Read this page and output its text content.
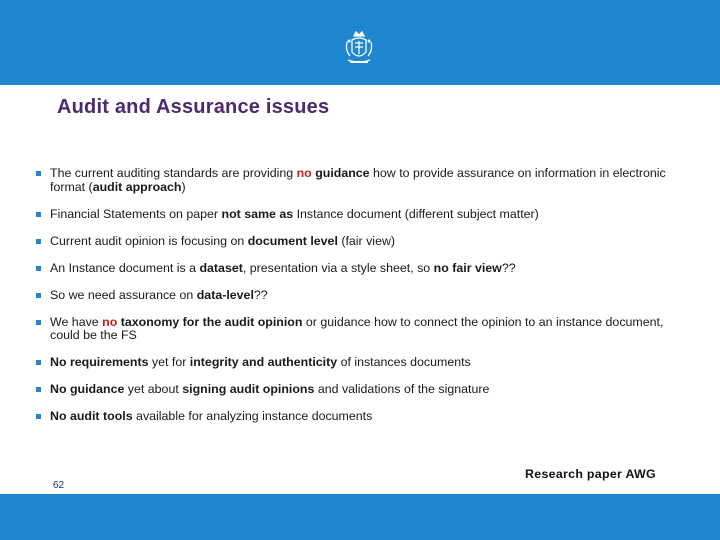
Audit and Assurance issues
The current auditing standards are providing no guidance how to provide assurance on information in electronic format (audit approach)
Financial Statements on paper not same as Instance document (different subject matter)
Current audit opinion is focusing on document level (fair view)
An Instance document is a dataset, presentation via a style sheet, so no fair view??
So we need assurance on data-level??
We have no taxonomy for the audit opinion or guidance how to connect the opinion to an instance document, could be the FS
No requirements yet for integrity and authenticity of instances documents
No guidance yet about signing audit opinions and validations of the signature
No audit tools available for analyzing instance documents
Research paper AWG
62
